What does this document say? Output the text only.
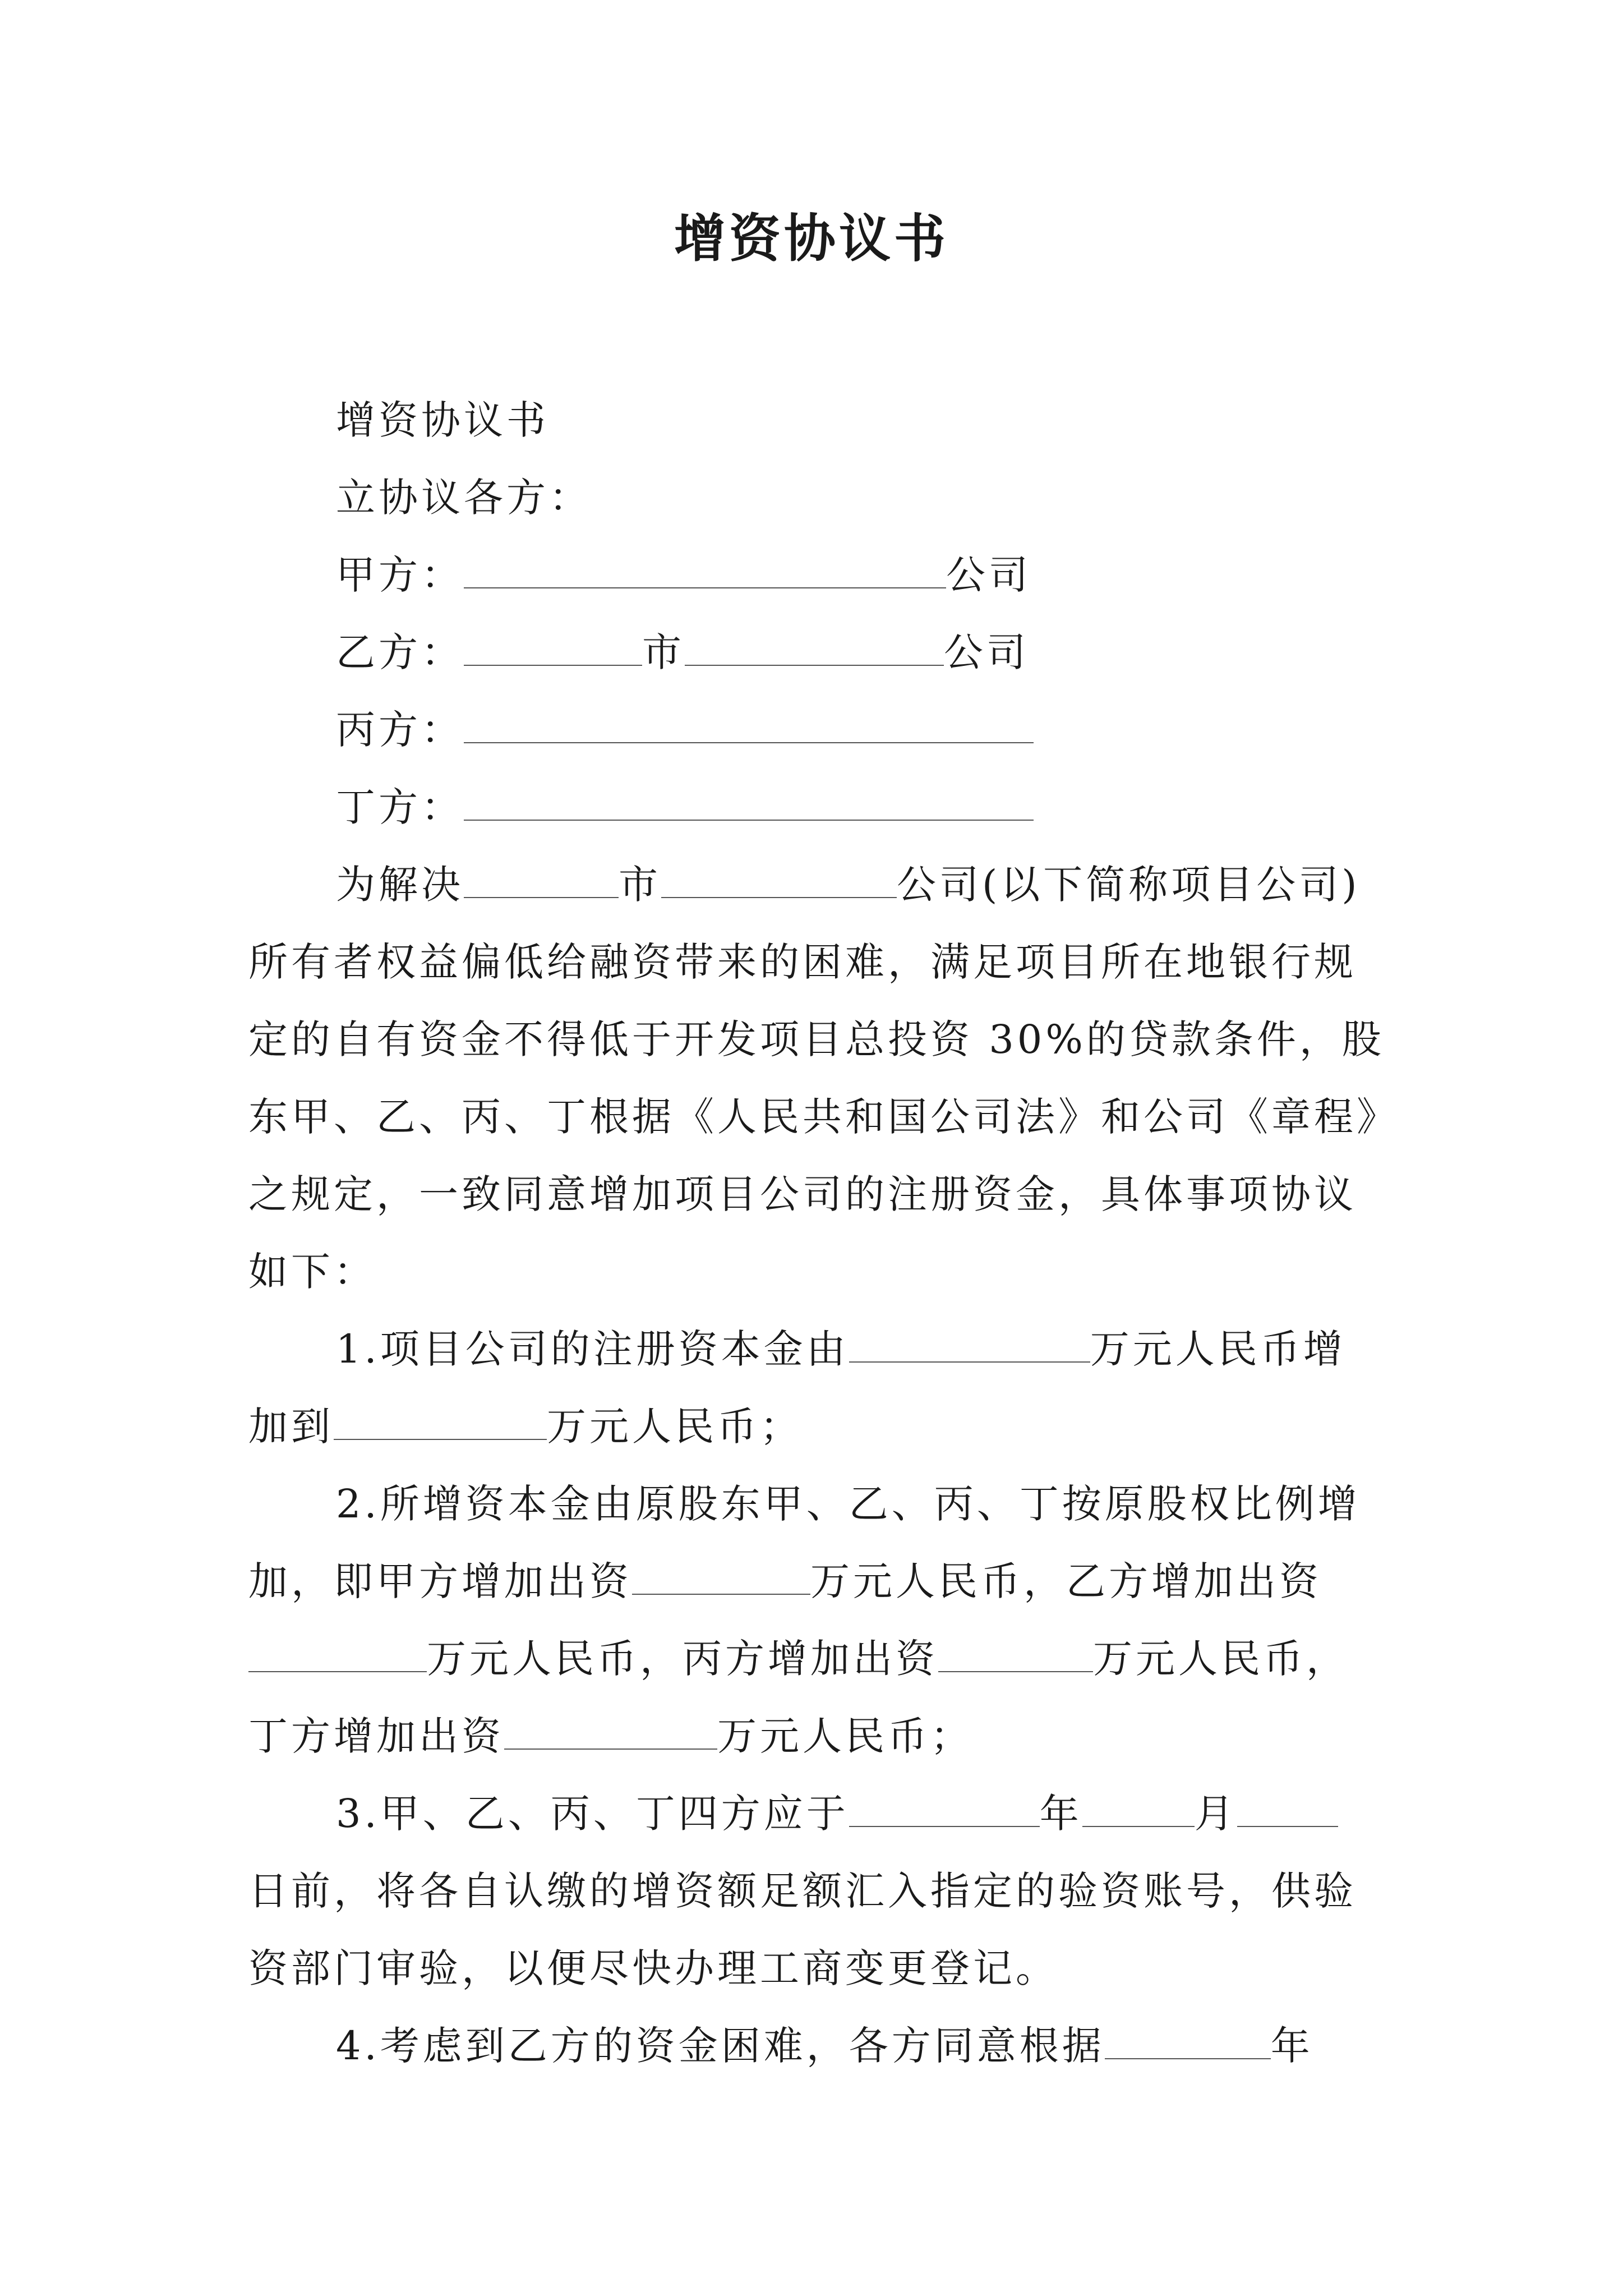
增资协议书
增资协议书
立协议各方：
甲方：	公司
乙方：	市	公司
丙方：
丁方：
为解决	市	公司(以下简称项目公司)
所有者权益偏低给融资带来的困难，满足项目所在地银行规
定的自有资金不得低于开发项目总投资 30%的贷款条件，股
东甲、乙、丙、丁根据《人民共和国公司法》和公司《章程》
之规定，一致同意增加项目公司的注册资金，具体事项协议
如下：
1.项目公司的注册资本金由	万元人民币增
加到	万元人民币；
2.所增资本金由原股东甲、乙、丙、丁按原股权比例增
加，即甲方增加出资	万元人民币，乙方增加出资
万元人民币，丙方增加出资	万元人民币，
丁方增加出资	万元人民币；
3.甲、乙、丙、丁四方应于	年	月
日前，将各自认缴的增资额足额汇入指定的验资账号，供验
资部门审验，以便尽快办理工商变更登记。
4.考虑到乙方的资金困难，各方同意根据	年
